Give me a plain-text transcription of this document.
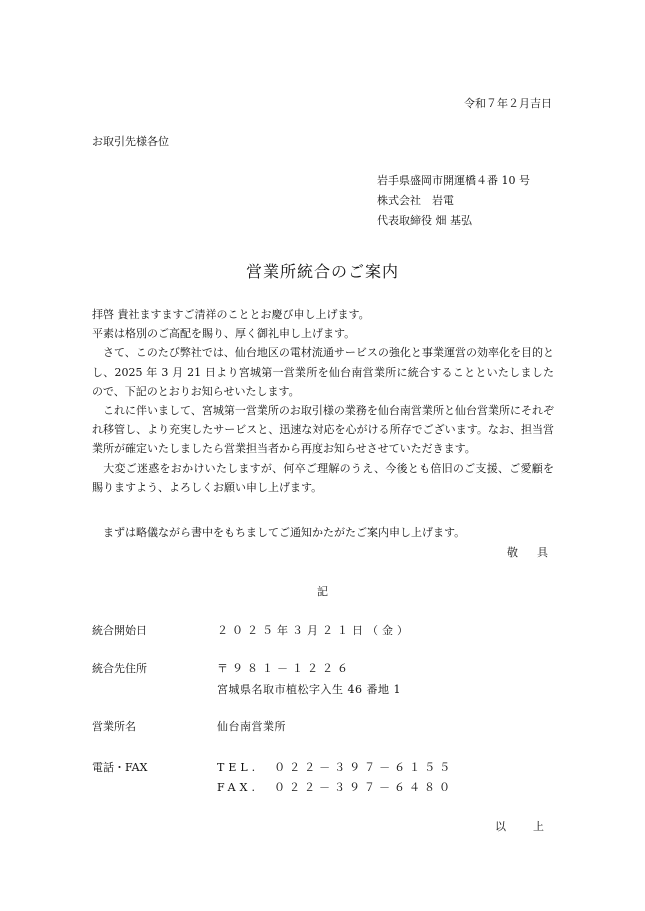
令和７年２月吉日
お取引先様各位
岩手県盛岡市開運橋４番 10 号
株式会社　岩電
代表取締役 畑 基弘
営業所統合のご案内

拝啓 貴社ますますご清祥のこととお慶び申し上げます。

平素は格別のご高配を賜り、厚く御礼申し上げます。

　さて、このたび弊社では、仙台地区の電材流通サービスの強化と事業運営の効率化を目的とし、2025 年 3 月 21 日より宮城第一営業所を仙台南営業所に統合することといたしましたので、下記のとおりお知らせいたします。

　これに伴いまして、宮城第一営業所のお取引様の業務を仙台南営業所と仙台営業所にそれぞれ移管し、より充実したサービスと、迅速な対応を心がける所存でございます。なお、担当営業所が確定いたしましたら営業担当者から再度お知らせさせていただきます。

　大変ご迷惑をおかけいたしますが、何卒ご理解のうえ、今後とも倍旧のご支援、ご愛顧を賜りますよう、よろしくお願い申し上げます。

　まずは略儀ながら書中をもちましてご通知かたがたご案内申し上げます。
敬　具
記
統合開始日	２０２５年３月２１日（金）
統合先住所	〒９８１－１２２６
宮城県名取市植松字入生 46 番地 1
営業所名	仙台南営業所
電話・FAX	TEL.　０２２－３９７－６１５５
FAX.　０２２－３９７－６４８０
以　上
